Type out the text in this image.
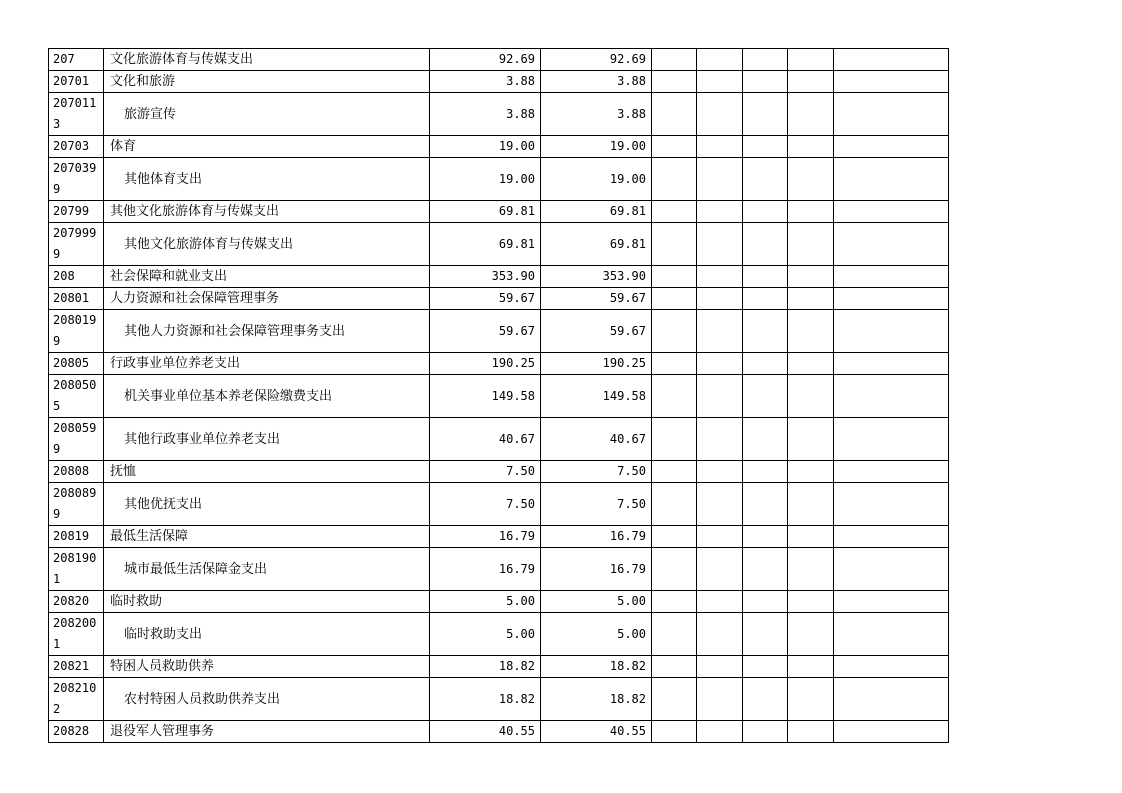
207	文化旅游体育与传媒支出	92.69	92.69					
20701	文化和旅游	3.88	3.88					
2070113	旅游宣传	3.88	3.88					
20703	体育	19.00	19.00					
2070399	其他体育支出	19.00	19.00					
20799	其他文化旅游体育与传媒支出	69.81	69.81					
2079999	其他文化旅游体育与传媒支出	69.81	69.81					
208	社会保障和就业支出	353.90	353.90					
20801	人力资源和社会保障管理事务	59.67	59.67					
2080199	其他人力资源和社会保障管理事务支出	59.67	59.67					
20805	行政事业单位养老支出	190.25	190.25					
2080505	机关事业单位基本养老保险缴费支出	149.58	149.58					
2080599	其他行政事业单位养老支出	40.67	40.67					
20808	抚恤	7.50	7.50					
2080899	其他优抚支出	7.50	7.50					
20819	最低生活保障	16.79	16.79					
2081901	城市最低生活保障金支出	16.79	16.79					
20820	临时救助	5.00	5.00					
2082001	临时救助支出	5.00	5.00					
20821	特困人员救助供养	18.82	18.82					
2082102	农村特困人员救助供养支出	18.82	18.82					
20828	退役军人管理事务	40.55	40.55					
